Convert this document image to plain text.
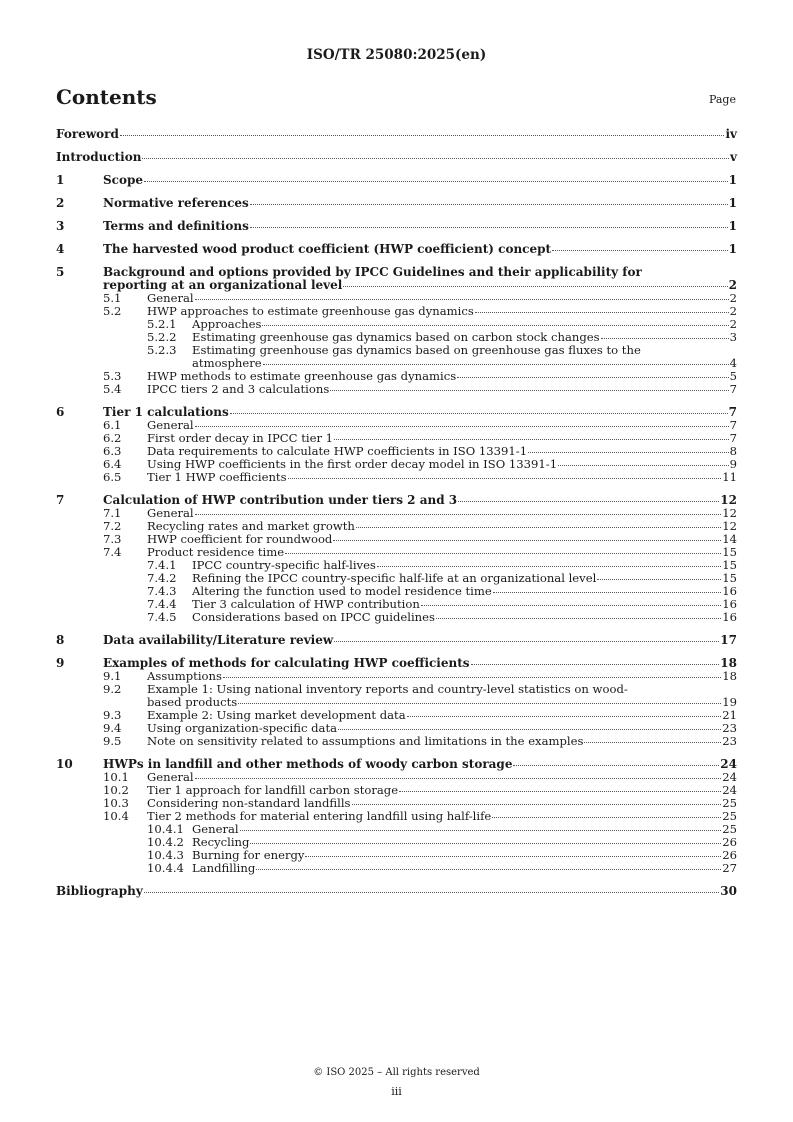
ISO/TR 25080:2025(en)
Contents	Page
Foreword	iv
Introduction	v
1	Scope	1
2	Normative references	1
3	Terms and definitions	1
4	The harvested wood product coefficient (HWP coefficient) concept	1
5	Background and options provided by IPCC Guidelines and their applicability for
reporting at an organizational level	2
5.1	General	2
5.2	HWP approaches to estimate greenhouse gas dynamics	2
5.2.1	Approaches	2
5.2.2	Estimating greenhouse gas dynamics based on carbon stock changes	3
5.2.3	Estimating greenhouse gas dynamics based on greenhouse gas fluxes to the
atmosphere	4
5.3	HWP methods to estimate greenhouse gas dynamics	5
5.4	IPCC tiers 2 and 3 calculations	7
6	Tier 1 calculations	7
6.1	General	7
6.2	First order decay in IPCC tier 1	7
6.3	Data requirements to calculate HWP coefficients in ISO 13391-1	8
6.4	Using HWP coefficients in the first order decay model in ISO 13391-1	9
6.5	Tier 1 HWP coefficients	11
7	Calculation of HWP contribution under tiers 2 and 3	12
7.1	General	12
7.2	Recycling rates and market growth	12
7.3	HWP coefficient for roundwood	14
7.4	Product residence time	15
7.4.1	IPCC country-specific half-lives	15
7.4.2	Refining the IPCC country-specific half-life at an organizational level	15
7.4.3	Altering the function used to model residence time	16
7.4.4	Tier 3 calculation of HWP contribution	16
7.4.5	Considerations based on IPCC guidelines	16
8	Data availability/Literature review	17
9	Examples of methods for calculating HWP coefficients	18
9.1	Assumptions	18
9.2	Example 1: Using national inventory reports and country-level statistics on wood-
based products	19
9.3	Example 2: Using market development data	21
9.4	Using organization-specific data	23
9.5	Note on sensitivity related to assumptions and limitations in the examples	23
10	HWPs in landfill and other methods of woody carbon storage	24
10.1	General	24
10.2	Tier 1 approach for landfill carbon storage	24
10.3	Considering non-standard landfills	25
10.4	Tier 2 methods for material entering landfill using half-life	25
10.4.1 General	25
10.4.2 Recycling	26
10.4.3 Burning for energy	26
10.4.4 Landfilling	27
Bibliography	30
© ISO 2025 – All rights reserved
iii
